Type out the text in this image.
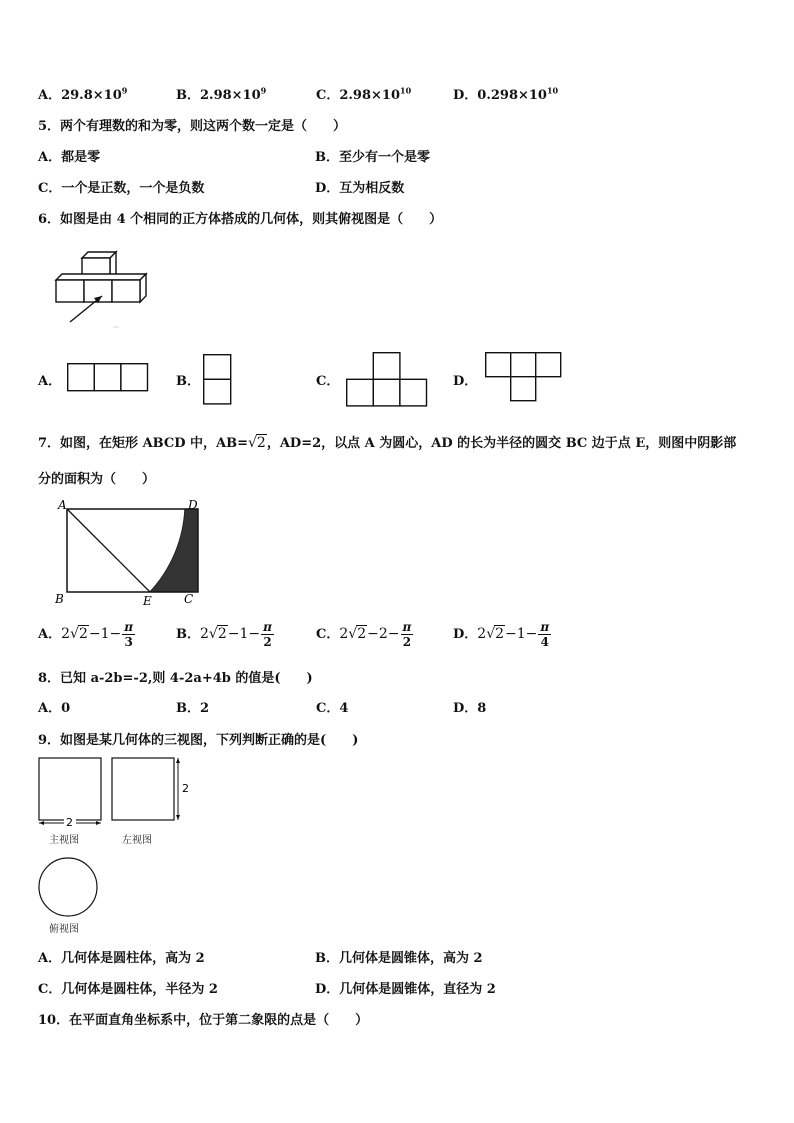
A．$29.8\times 10^9$	B．$2.98\times 10^9$	C．$2.98\times 10^{10}$	D．$0.298\times 10^{10}$
5．两个有理数的和为零，则这两个数一定是（　　）
A．都是零	B．至少有一个是零
C．一个是正数，一个是负数	D．互为相反数
6．如图是由 4 个相同的正方体搭成的几何体，则其俯视图是（　　）
~
A．	B．	C．	D．
7．如图，在矩形 ABCD 中，AB=√2，AD=2，以点 A 为圆心，AD 的长为半径的圆交 BC 边于点 E，则图中阴影部
分的面积为（　　）
A	D
B	E	C
A．$2√2-1- \frac{\pi}{3}$	B．$2√2-1- \frac{\pi}{2}$	C．$2√2-2- \frac{\pi}{2}$	D．$2√2-1- \frac{\pi}{4}$
8．已知 a-2b=-2,则 4-2a+4b 的值是(　　)
A．0	B．2	C．4	D．8
9．如图是某几何体的三视图，下列判断正确的是(　　)
2
主视图
2
左视图
俯视图
A．几何体是圆柱体，高为 2	B．几何体是圆锥体，高为 2
C．几何体是圆柱体，半径为 2	D．几何体是圆锥体，直径为 2
10．在平面直角坐标系中，位于第二象限的点是（　　）
